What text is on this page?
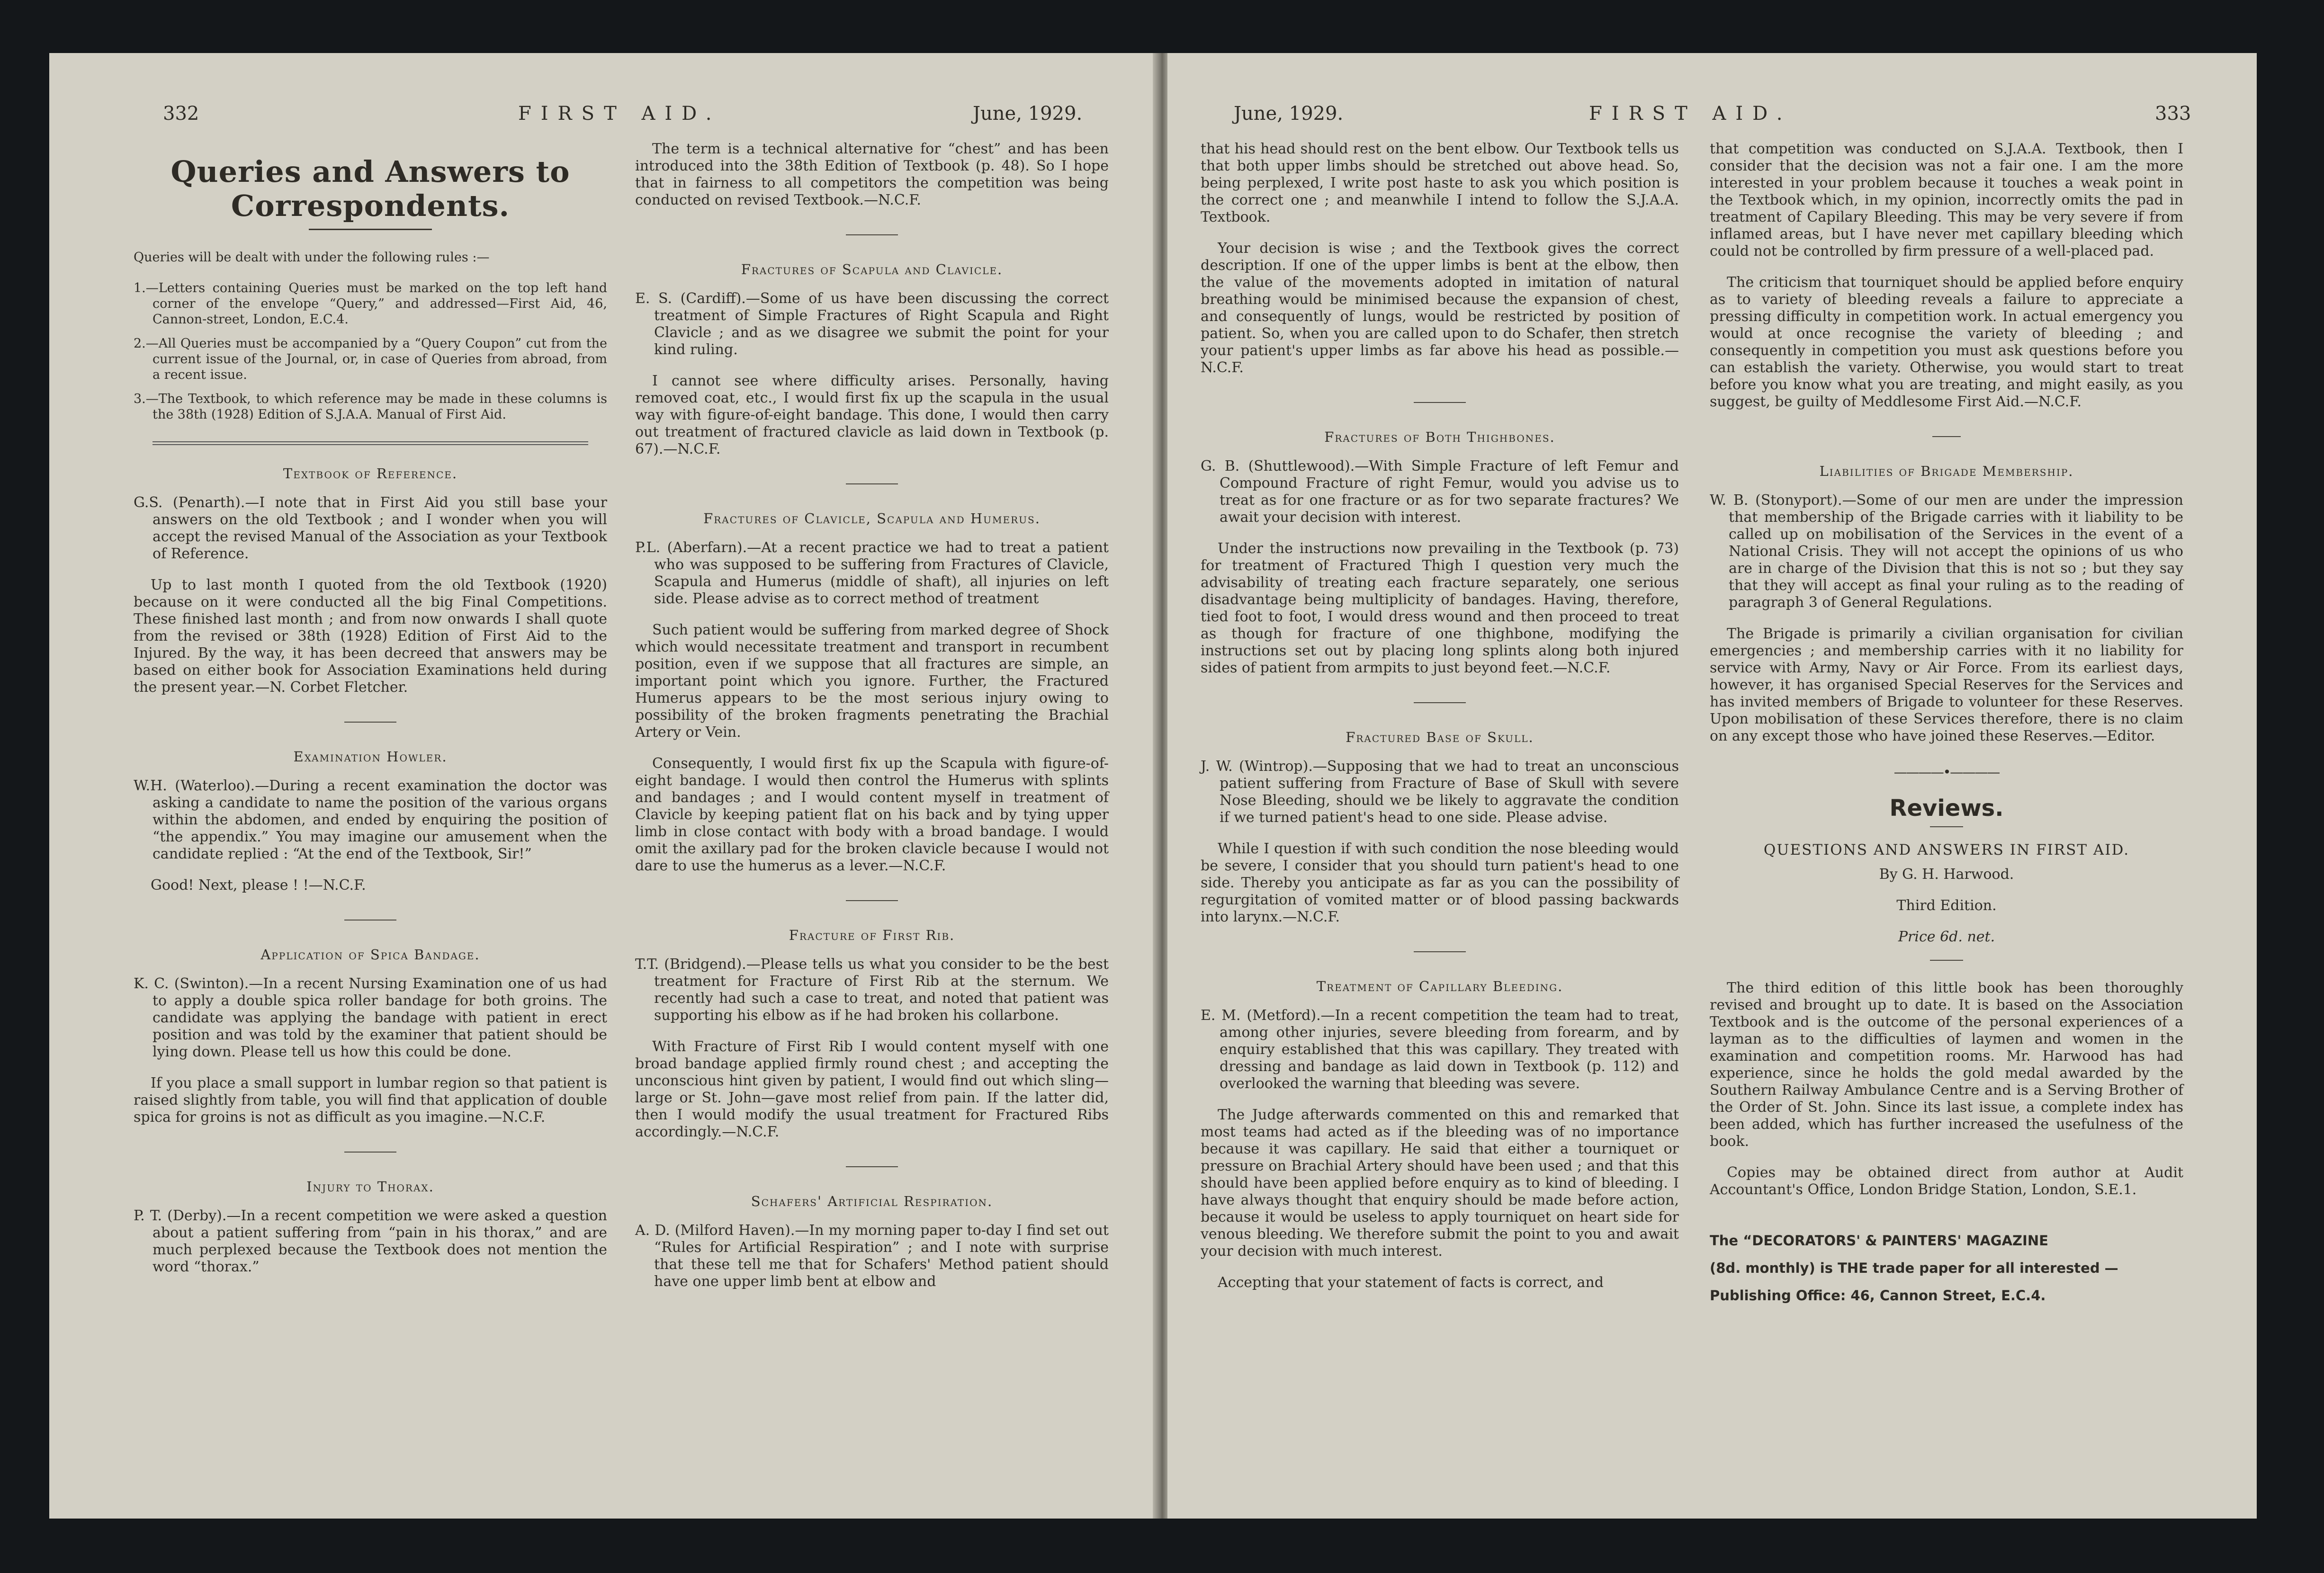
332	FIRST AID.	June, 1929.
Queries and Answers to
Correspondents.

Queries will be dealt with under the following rules :—

1.—Letters containing Queries must be marked on the top left hand corner of the envelope “Query,” and addressed—First Aid, 46, Cannon-street, London, E.C.4.

2.—All Queries must be accompanied by a “Query Coupon” cut from the current issue of the Journal, or, in case of Queries from abroad, from a recent issue.

3.—The Textbook, to which reference may be made in these columns is the 38th (1928) Edition of S.J.A.A. Manual of First Aid.

Textbook of Reference.

G.S. (Penarth).—I note that in First Aid you still base your answers on the old Textbook ; and I wonder when you will accept the revised Manual of the Association as your Textbook of Reference.

Up to last month I quoted from the old Textbook (1920) because on it were conducted all the big Final Competitions. These finished last month ; and from now onwards I shall quote from the revised or 38th (1928) Edition of First Aid to the Injured. By the way, it has been decreed that answers may be based on either book for Association Examinations held during the present year.—N. Corbet Fletcher.

Examination Howler.

W.H. (Waterloo).—During a recent examination the doctor was asking a candidate to name the position of the various organs within the abdomen, and ended by enquiring the position of “the appendix.” You may imagine our amusement when the candidate replied : “At the end of the Textbook, Sir!”

Good! Next, please ! !—N.C.F.

Application of Spica Bandage.

K. C. (Swinton).—In a recent Nursing Examination one of us had to apply a double spica roller bandage for both groins. The candidate was applying the bandage with patient in erect position and was told by the examiner that patient should be lying down. Please tell us how this could be done.

If you place a small support in lumbar region so that patient is raised slightly from table, you will find that application of double spica for groins is not as difficult as you imagine.—N.C.F.

Injury to Thorax.

P. T. (Derby).—In a recent competition we were asked a question about a patient suffering from “pain in his thorax,” and are much perplexed because the Textbook does not mention the word “thorax.”

The term is a technical alternative for “chest” and has been introduced into the 38th Edition of Textbook (p. 48). So I hope that in fairness to all competitors the competition was being conducted on revised Textbook.—N.C.F.

Fractures of Scapula and Clavicle.

E. S. (Cardiff).—Some of us have been discussing the correct treatment of Simple Fractures of Right Scapula and Right Clavicle ; and as we disagree we submit the point for your kind ruling.

I cannot see where difficulty arises. Personally, having removed coat, etc., I would first fix up the scapula in the usual way with figure-of-eight bandage. This done, I would then carry out treatment of fractured clavicle as laid down in Textbook (p. 67).—N.C.F.

Fractures of Clavicle, Scapula and Humerus.

P.L. (Aberfarn).—At a recent practice we had to treat a patient who was supposed to be suffering from Fractures of Clavicle, Scapula and Humerus (middle of shaft), all injuries on left side. Please advise as to correct method of treatment

Such patient would be suffering from marked degree of Shock which would necessitate treatment and transport in recumbent position, even if we suppose that all fractures are simple, an important point which you ignore. Further, the Fractured Humerus appears to be the most serious injury owing to possibility of the broken fragments penetrating the Brachial Artery or Vein.

Consequently, I would first fix up the Scapula with figure-of-eight bandage. I would then control the Humerus with splints and bandages ; and I would content myself in treatment of Clavicle by keeping patient flat on his back and by tying upper limb in close contact with body with a broad bandage. I would omit the axillary pad for the broken clavicle because I would not dare to use the humerus as a lever.—N.C.F.

Fracture of First Rib.

T.T. (Bridgend).—Please tells us what you consider to be the best treatment for Fracture of First Rib at the sternum. We recently had such a case to treat, and noted that patient was supporting his elbow as if he had broken his collarbone.

With Fracture of First Rib I would content myself with one broad bandage applied firmly round chest ; and accepting the unconscious hint given by patient, I would find out which sling—large or St. John—gave most relief from pain. If the latter did, then I would modify the usual treatment for Fractured Ribs accordingly.—N.C.F.

Schafers' Artificial Respiration.

A. D. (Milford Haven).—In my morning paper to-day I find set out “Rules for Artificial Respiration” ; and I note with surprise that these tell me that for Schafers' Method patient should have one upper limb bent at elbow and

June, 1929.	FIRST AID.	333

that his head should rest on the bent elbow. Our Textbook tells us that both upper limbs should be stretched out above head. So, being perplexed, I write post haste to ask you which position is the correct one ; and meanwhile I intend to follow the S.J.A.A. Textbook.

Your decision is wise ; and the Textbook gives the correct description. If one of the upper limbs is bent at the elbow, then the value of the movements adopted in imitation of natural breathing would be minimised because the expansion of chest, and consequently of lungs, would be restricted by position of patient. So, when you are called upon to do Schafer, then stretch your patient's upper limbs as far above his head as possible.—N.C.F.

Fractures of Both Thighbones.

G. B. (Shuttlewood).—With Simple Fracture of left Femur and Compound Fracture of right Femur, would you advise us to treat as for one fracture or as for two separate fractures? We await your decision with interest.

Under the instructions now prevailing in the Textbook (p. 73) for treatment of Fractured Thigh I question very much the advisability of treating each fracture separately, one serious disadvantage being multiplicity of bandages. Having, therefore, tied foot to foot, I would dress wound and then proceed to treat as though for fracture of one thighbone, modifying the instructions set out by placing long splints along both injured sides of patient from armpits to just beyond feet.—N.C.F.

Fractured Base of Skull.

J. W. (Wintrop).—Supposing that we had to treat an unconscious patient suffering from Fracture of Base of Skull with severe Nose Bleeding, should we be likely to aggravate the condition if we turned patient's head to one side. Please advise.

While I question if with such condition the nose bleeding would be severe, I consider that you should turn patient's head to one side. Thereby you anticipate as far as you can the possibility of regurgitation of vomited matter or of blood passing backwards into larynx.—N.C.F.

Treatment of Capillary Bleeding.

E. M. (Metford).—In a recent competition the team had to treat, among other injuries, severe bleeding from forearm, and by enquiry established that this was capillary. They treated with dressing and bandage as laid down in Textbook (p. 112) and overlooked the warning that bleeding was severe.

The Judge afterwards commented on this and remarked that most teams had acted as if the bleeding was of no importance because it was capillary. He said that either a tourniquet or pressure on Brachial Artery should have been used ; and that this should have been applied before enquiry as to kind of bleeding. I have always thought that enquiry should be made before action, because it would be useless to apply tourniquet on heart side for venous bleeding. We therefore submit the point to you and await your decision with much interest.

Accepting that your statement of facts is correct, and

that competition was conducted on S.J.A.A. Textbook, then I consider that the decision was not a fair one. I am the more interested in your problem because it touches a weak point in the Textbook which, in my opinion, incorrectly omits the pad in treatment of Capilary Bleeding. This may be very severe if from inflamed areas, but I have never met capillary bleeding which could not be controlled by firm pressure of a well-placed pad.

The criticism that tourniquet should be applied before enquiry as to variety of bleeding reveals a failure to appreciate a pressing difficulty in competition work. In actual emergency you would at once recognise the variety of bleeding ; and consequently in competition you must ask questions before you can establish the variety. Otherwise, you would start to treat before you know what you are treating, and might easily, as you suggest, be guilty of Meddlesome First Aid.—N.C.F.

Liabilities of Brigade Membership.

W. B. (Stonyport).—Some of our men are under the impression that membership of the Brigade carries with it liability to be called up on mobilisation of the Services in the event of a National Crisis. They will not accept the opinions of us who are in charge of the Division that this is not so ; but they say that they will accept as final your ruling as to the reading of paragraph 3 of General Regulations.

The Brigade is primarily a civilian organisation for civilian emergencies ; and membership carries with it no liability for service with Army, Navy or Air Force. From its earliest days, however, it has organised Special Reserves for the Services and has invited members of Brigade to volunteer for these Reserves. Upon mobilisation of these Services therefore, there is no claim on any except those who have joined these Reserves.—Editor.

————•————
Reviews.
QUESTIONS AND ANSWERS IN FIRST AID.

By G. H. Harwood.

Third Edition.

Price 6d. net.

The third edition of this little book has been thoroughly revised and brought up to date. It is based on the Association Textbook and is the outcome of the personal experiences of a layman as to the difficulties of laymen and women in the examination and competition rooms. Mr. Harwood has had experience, since he holds the gold medal awarded by the Southern Railway Ambulance Centre and is a Serving Brother of the Order of St. John. Since its last issue, a complete index has been added, which has further increased the usefulness of the book.

Copies may be obtained direct from author at Audit Accountant's Office, London Bridge Station, London, S.E.1.

The “DECORATORS' & PAINTERS' MAGAZINE
(8d. monthly) is THE trade paper for all interested —
Publishing Office: 46, Cannon Street, E.C.4.
